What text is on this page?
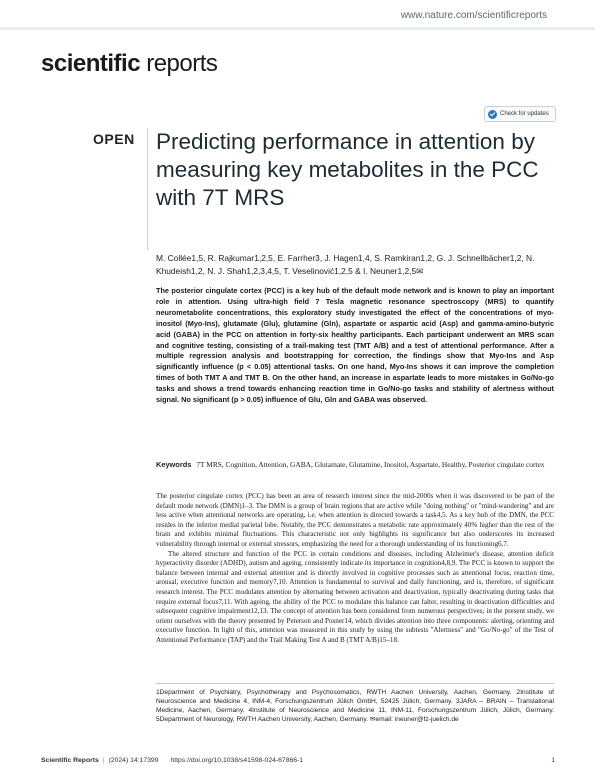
www.nature.com/scientificreports
scientific reports
Check for updates
OPEN Predicting performance in attention by measuring key metabolites in the PCC with 7T MRS
M. Collée1,5, R. Rajkumar1,2,5, E. Farrher3, J. Hagen1,4, S. Ramkiran1,2, G. J. Schnellbächer1,2, N. Khudeish1,2, N. J. Shah1,2,3,4,5, T. Veselinović1,2,5 & I. Neuner1,2,5✉
The posterior cingulate cortex (PCC) is a key hub of the default mode network and is known to play an important role in attention. Using ultra-high field 7 Tesla magnetic resonance spectroscopy (MRS) to quantify neurometabolite concentrations, this exploratory study investigated the effect of the concentrations of myo-inositol (Myo-Ins), glutamate (Glu), glutamine (Gln), aspartate or aspartic acid (Asp) and gamma-amino-butyric acid (GABA) in the PCC on attention in forty-six healthy participants. Each participant underwent an MRS scan and cognitive testing, consisting of a trail-making test (TMT A/B) and a test of attentional performance. After a multiple regression analysis and bootstrapping for correction, the findings show that Myo-Ins and Asp significantly influence (p < 0.05) attentional tasks. On one hand, Myo-Ins shows it can improve the completion times of both TMT A and TMT B. On the other hand, an increase in aspartate leads to more mistakes in Go/No-go tasks and shows a trend towards enhancing reaction time in Go/No-go tasks and stability of alertness without signal. No significant (p > 0.05) influence of Glu, Gln and GABA was observed.
Keywords 7T MRS, Cognition, Attention, GABA, Glutamate, Glutamine, Inositol, Aspartate, Healthy, Posterior cingulate cortex

The posterior cingulate cortex (PCC) has been an area of research interest since the mid-2000s when it was discovered to be part of the default mode network (DMN)1–3. The DMN is a group of brain regions that are active while "doing nothing" or "mind-wandering" and are less active when attentional networks are operating, i.e. when attention is directed towards a task4,5. As a key hub of the DMN, the PCC resides in the inferior medial parietal lobe. Notably, the PCC demonstrates a metabolic rate approximately 40% higher than the rest of the brain and exhibits minimal fluctuations. This characteristic not only highlights its significance but also underscores its increased vulnerability through internal or external stressors, emphasizing the need for a thorough understanding of its functioning6,7.

The altered structure and function of the PCC in certain conditions and diseases, including Alzheimer's disease, attention deficit hyperactivity disorder (ADHD), autism and ageing, consistently indicate its importance in cognition4,8,9. The PCC is known to support the balance between internal and external attention and is directly involved in cognitive processes such as attentional focus, reaction time, arousal, executive function and memory7,10. Attention is fundamental to survival and daily functioning, and is, therefore, of significant research interest. The PCC modulates attention by alternating between activation and deactivation, typically deactivating during tasks that require external focus7,11. With ageing, the ability of the PCC to modulate this balance can falter, resulting in deactivation difficulties and subsequent cognitive impairment12,13. The concept of attention has been considered from numerous perspectives; in the present study, we orient ourselves with the theory presented by Peterson and Posner14, which divides attention into three components: alerting, orienting and executive function. In light of this, attention was measured in this study by using the subtests "Alertness" and "Go/No-go" of the Test of Attentional Performance (TAP) and the Trail Making Test A and B (TMT A/B)15–18.

1Department of Psychiatry, Psychotherapy and Psychosomatics, RWTH Aachen University, Aachen, Germany. 2Institute of Neuroscience and Medicine 4, INM-4, Forschungszentrum Jülich GmbH, 52425 Jülich, Germany. 3JARA – BRAIN – Translational Medicine, Aachen, Germany. 4Institute of Neuroscience and Medicine 11, INM-11, Forschungszentrum Jülich, Jülich, Germany. 5Department of Neurology, RWTH Aachen University, Aachen, Germany. ✉email: ineuner@fz-juelich.de
Scientific Reports | (2024) 14:17399 https://doi.org/10.1038/s41598-024-67866-1	1
